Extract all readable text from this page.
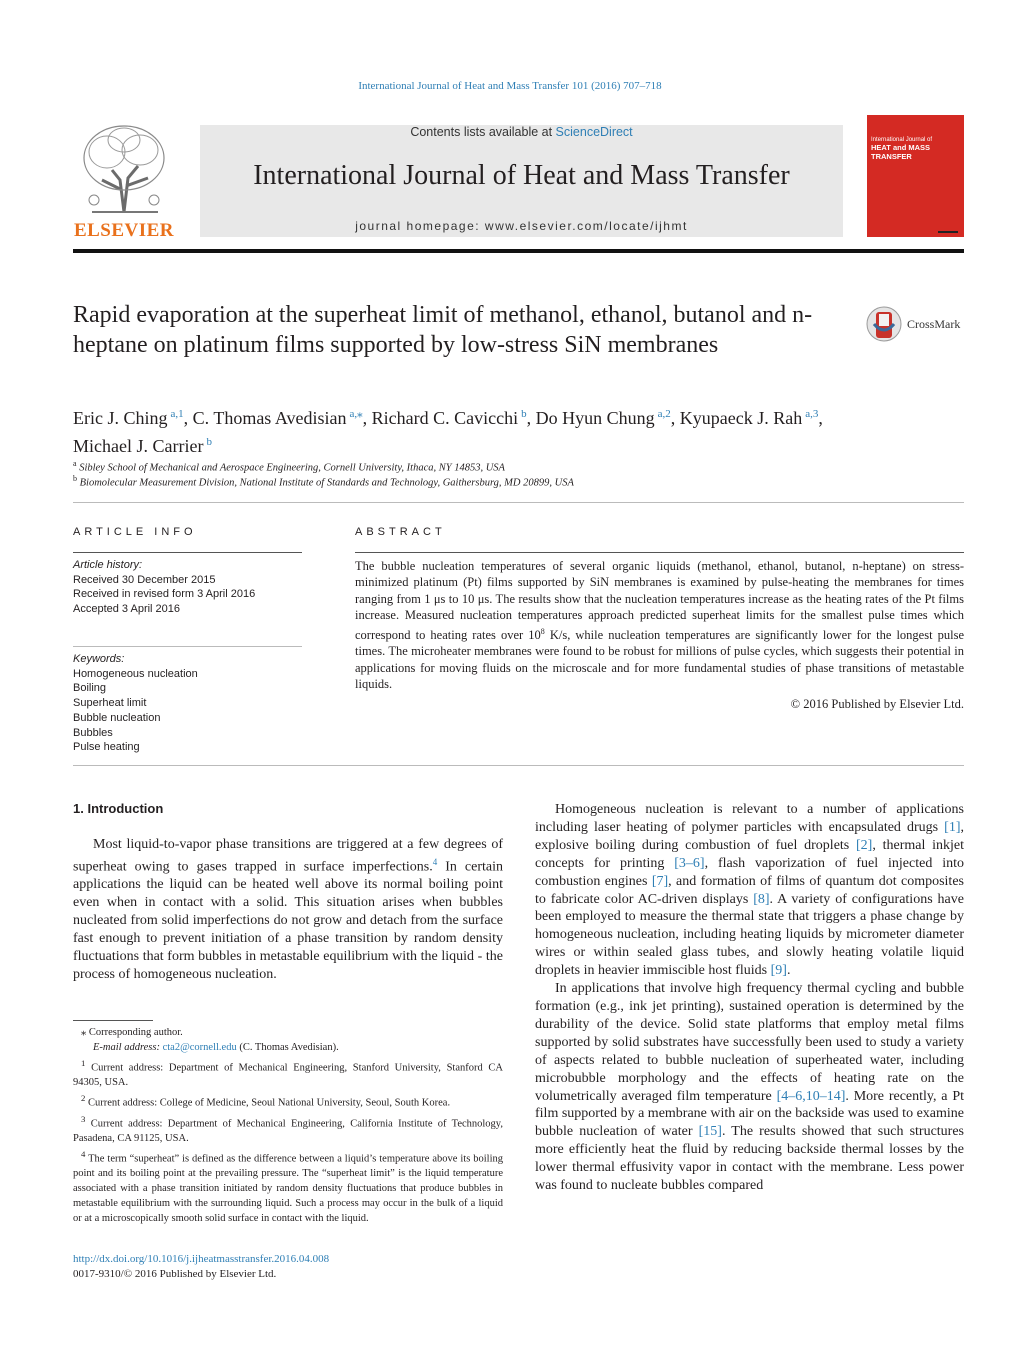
International Journal of Heat and Mass Transfer 101 (2016) 707–718
ELSEVIER
Contents lists available at ScienceDirect
International Journal of Heat and Mass Transfer
journal homepage: www.elsevier.com/locate/ijhmt
International Journal of
HEAT and MASS
TRANSFER
Rapid evaporation at the superheat limit of methanol, ethanol, butanol and n-heptane on platinum films supported by low-stress SiN membranes
CrossMark
Eric J. Ching $^{a,1}$, C. Thomas Avedisian $^{a,⁎}$, Richard C. Cavicchi $^b$, Do Hyun Chung $^{a,2}$, Kyupaeck J. Rah $^{a,3}$,
Michael J. Carrier $^b$
$^a$ Sibley School of Mechanical and Aerospace Engineering, Cornell University, Ithaca, NY 14853, USA
$^b$ Biomolecular Measurement Division, National Institute of Standards and Technology, Gaithersburg, MD 20899, USA
ARTICLE INFO
Article history:
Received 30 December 2015
Received in revised form 3 April 2016
Accepted 3 April 2016
Keywords:
Homogeneous nucleation
Boiling
Superheat limit
Bubble nucleation
Bubbles
Pulse heating
ABSTRACT
The bubble nucleation temperatures of several organic liquids (methanol, ethanol, butanol, n-heptane) on stress-minimized platinum (Pt) films supported by SiN membranes is examined by pulse-heating the membranes for times ranging from 1 μs to 10 μs. The results show that the nucleation temperatures increase as the heating rates of the Pt films increase. Measured nucleation temperatures approach predicted superheat limits for the smallest pulse times which correspond to heating rates over $10^8$ K/s, while nucleation temperatures are significantly lower for the longest pulse times. The microheater membranes were found to be robust for millions of pulse cycles, which suggests their potential in applications for moving fluids on the microscale and for more fundamental studies of phase transitions of metastable liquids.
© 2016 Published by Elsevier Ltd.
1. Introduction
Most liquid-to-vapor phase transitions are triggered at a few degrees of superheat owing to gases trapped in surface imperfections.$^4$ In certain applications the liquid can be heated well above its normal boiling point even when in contact with a solid. This situation arises when bubbles nucleated from solid imperfections do not grow and detach from the surface fast enough to prevent initiation of a phase transition by random density fluctuations that form bubbles in metastable equilibrium with the liquid - the process of homogeneous nucleation.
⁎ Corresponding author.
E-mail address: cta2@cornell.edu (C. Thomas Avedisian).
$^1$ Current address: Department of Mechanical Engineering, Stanford University, Stanford CA 94305, USA.
$^2$ Current address: College of Medicine, Seoul National University, Seoul, South Korea.
$^3$ Current address: Department of Mechanical Engineering, California Institute of Technology, Pasadena, CA 91125, USA.
$^4$ The term “superheat” is defined as the difference between a liquid’s temperature above its boiling point and its boiling point at the prevailing pressure. The “superheat limit” is the liquid temperature associated with a phase transition initiated by random density fluctuations that produce bubbles in metastable equilibrium with the surrounding liquid. Such a process may occur in the bulk of a liquid or at a microscopically smooth solid surface in contact with the liquid.

Homogeneous nucleation is relevant to a number of applications including laser heating of polymer particles with encapsulated drugs [1], explosive boiling during combustion of fuel droplets [2], thermal inkjet concepts for printing [3–6], flash vaporization of fuel injected into combustion engines [7], and formation of films of quantum dot composites to fabricate color AC-driven displays [8]. A variety of configurations have been employed to measure the thermal state that triggers a phase change by homogeneous nucleation, including heating liquids by micrometer diameter wires or within sealed glass tubes, and slowly heating volatile liquid droplets in heavier immiscible host fluids [9].

In applications that involve high frequency thermal cycling and bubble formation (e.g., ink jet printing), sustained operation is determined by the durability of the device. Solid state platforms that employ metal films supported by solid substrates have successfully been used to study a variety of aspects related to bubble nucleation of superheated water, including microbubble morphology and the effects of heating rate on the volumetrically averaged film temperature [4–6,10–14]. More recently, a Pt film supported by a membrane with air on the backside was used to examine bubble nucleation of water [15]. The results showed that such structures more efficiently heat the fluid by reducing backside thermal losses by the lower thermal effusivity vapor in contact with the membrane. Less power was found to nucleate bubbles compared

http://dx.doi.org/10.1016/j.ijheatmasstransfer.2016.04.008
0017-9310/© 2016 Published by Elsevier Ltd.
